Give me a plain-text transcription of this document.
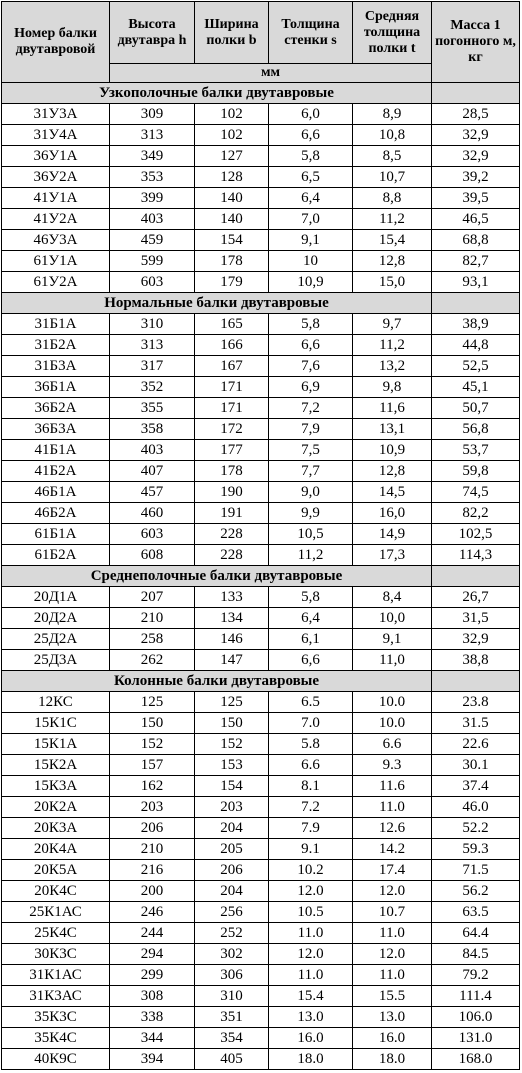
Номер балки двутавровой	Высота двутавра h	Ширина полки b	Толщина стенки s	Средняя толщина полки t	Масса 1 погонного м, кг
	мм				
Узкополочные балки двутавровые					
31У3А	309	102	6,0	8,9	28,5
31У4А	313	102	6,6	10,8	32,9
36У1А	349	127	5,8	8,5	32,9
36У2А	353	128	6,5	10,7	39,2
41У1А	399	140	6,4	8,8	39,5
41У2А	403	140	7,0	11,2	46,5
46У3А	459	154	9,1	15,4	68,8
61У1А	599	178	10	12,8	82,7
61У2А	603	179	10,9	15,0	93,1
Нормальные балки двутавровые					
31Б1А	310	165	5,8	9,7	38,9
31Б2А	313	166	6,6	11,2	44,8
31Б3А	317	167	7,6	13,2	52,5
36Б1А	352	171	6,9	9,8	45,1
36Б2А	355	171	7,2	11,6	50,7
36Б3А	358	172	7,9	13,1	56,8
41Б1А	403	177	7,5	10,9	53,7
41Б2А	407	178	7,7	12,8	59,8
46Б1А	457	190	9,0	14,5	74,5
46Б2А	460	191	9,9	16,0	82,2
61Б1А	603	228	10,5	14,9	102,5
61Б2А	608	228	11,2	17,3	114,3
Среднеполочные балки двутавровые					
20Д1А	207	133	5,8	8,4	26,7
20Д2А	210	134	6,4	10,0	31,5
25Д2А	258	146	6,1	9,1	32,9
25Д3А	262	147	6,6	11,0	38,8
Колонные балки двутавровые					
12КС	125	125	6.5	10.0	23.8
15К1С	150	150	7.0	10.0	31.5
15К1А	152	152	5.8	6.6	22.6
15К2А	157	153	6.6	9.3	30.1
15К3А	162	154	8.1	11.6	37.4
20К2А	203	203	7.2	11.0	46.0
20К3А	206	204	7.9	12.6	52.2
20К4А	210	205	9.1	14.2	59.3
20К5А	216	206	10.2	17.4	71.5
20К4С	200	204	12.0	12.0	56.2
25К1АС	246	256	10.5	10.7	63.5
25К4С	244	252	11.0	11.0	64.4
30К3С	294	302	12.0	12.0	84.5
31К1АС	299	306	11.0	11.0	79.2
31К3АС	308	310	15.4	15.5	111.4
35К3С	338	351	13.0	13.0	106.0
35К4С	344	354	16.0	16.0	131.0
40К9С	394	405	18.0	18.0	168.0
